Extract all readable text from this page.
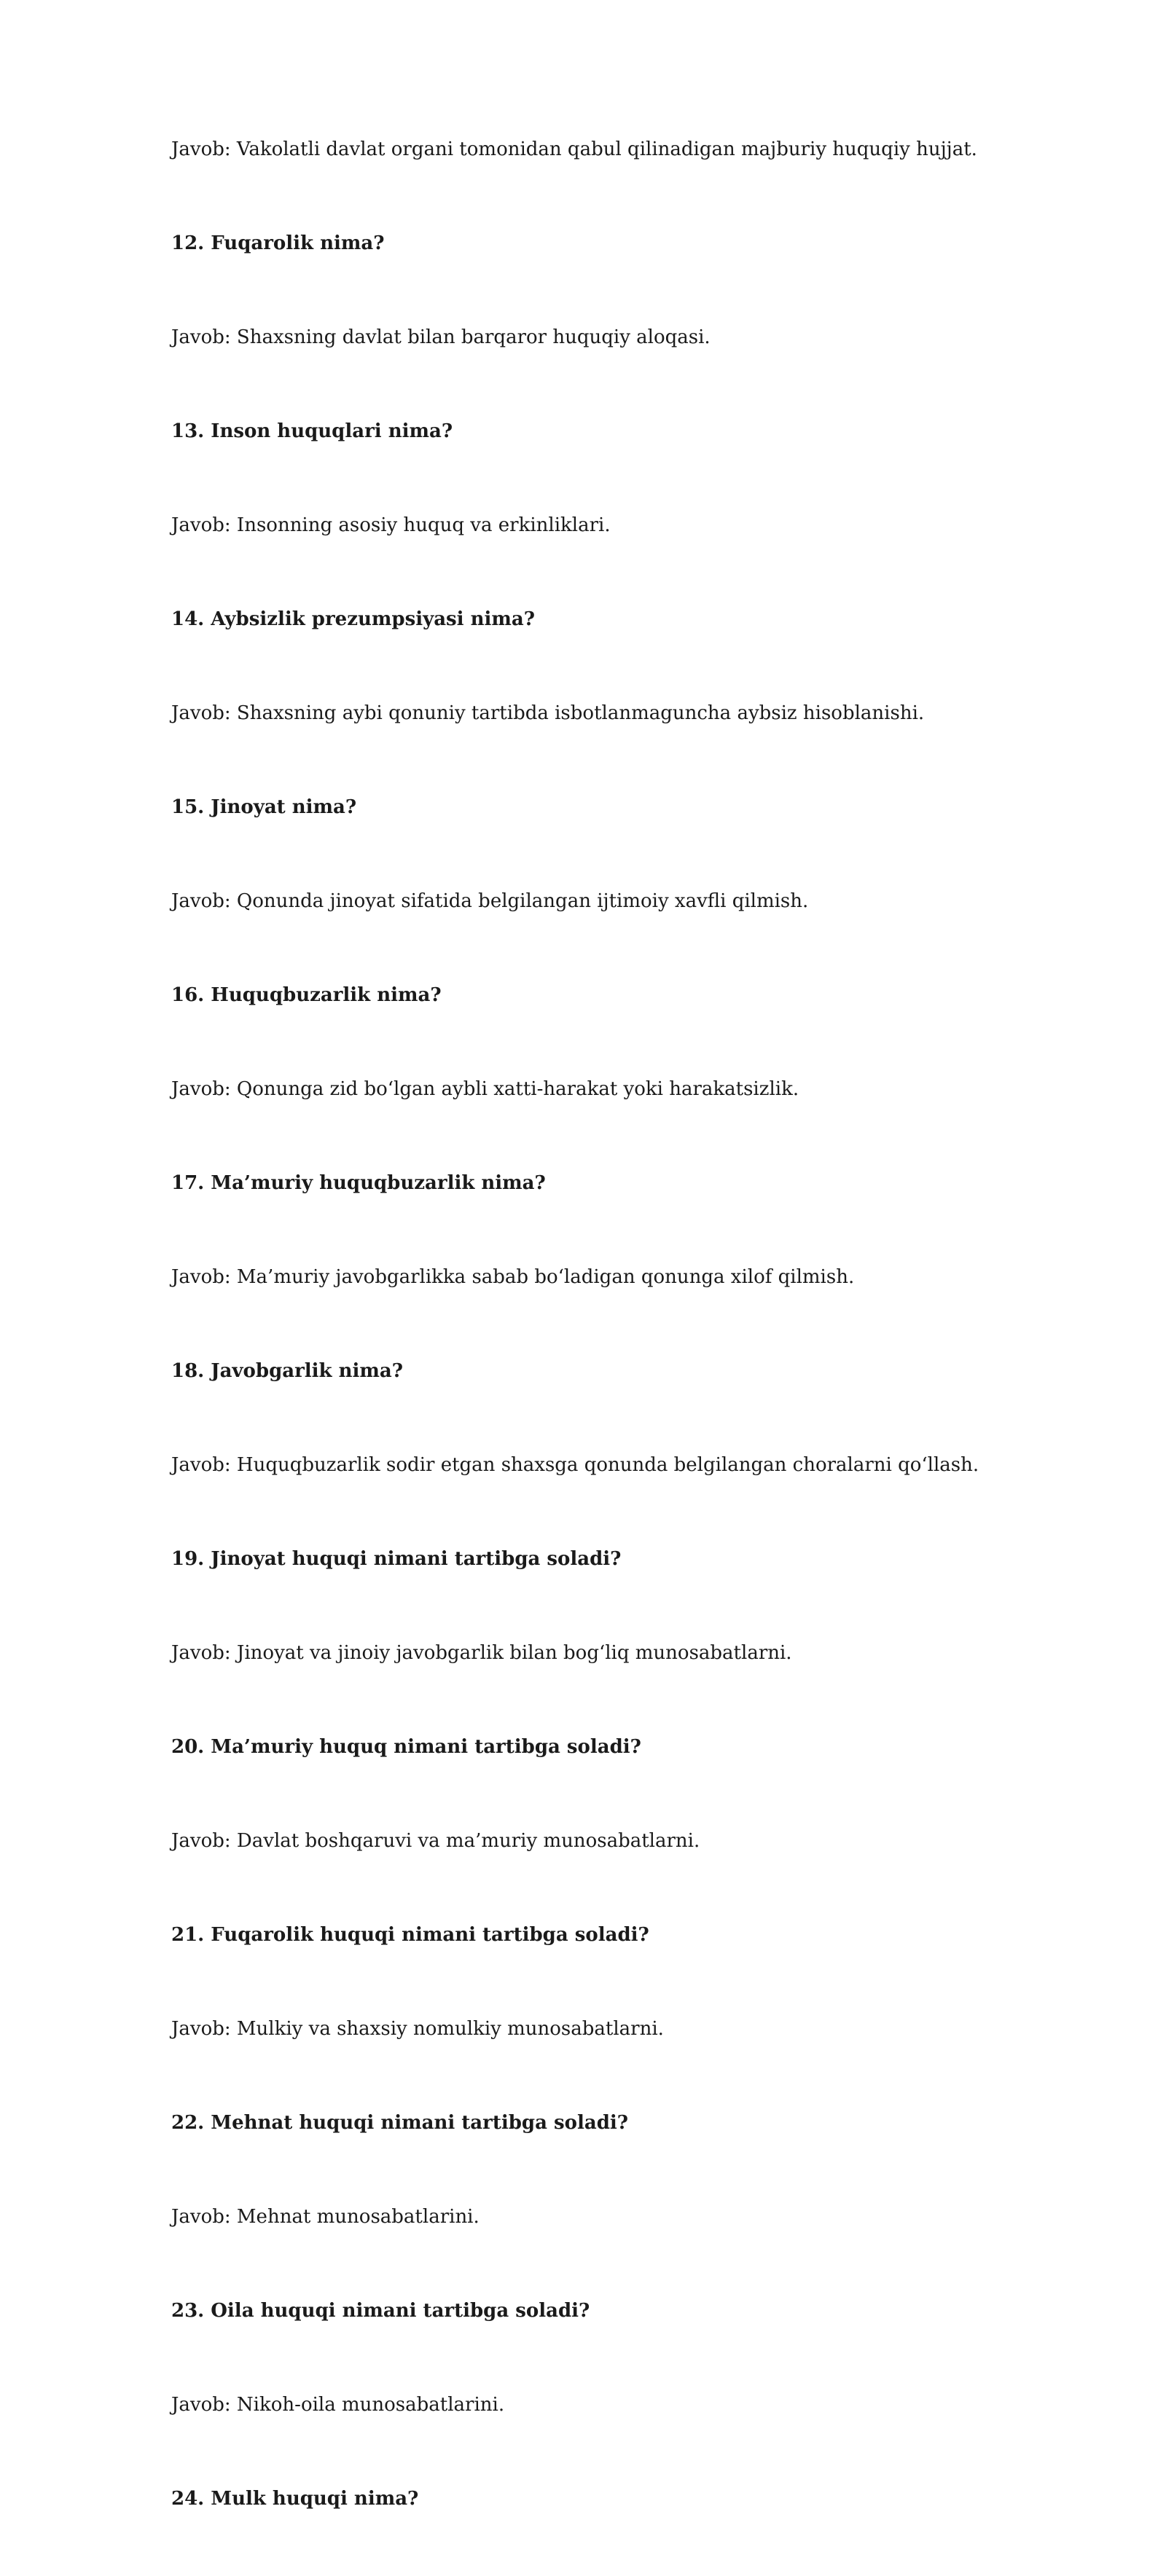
Javob: Vakolatli davlat organi tomonidan qabul qilinadigan majburiy huquqiy hujjat.
12. Fuqarolik nima?
Javob: Shaxsning davlat bilan barqaror huquqiy aloqasi.
13. Inson huquqlari nima?
Javob: Insonning asosiy huquq va erkinliklari.
14. Aybsizlik prezumpsiyasi nima?
Javob: Shaxsning aybi qonuniy tartibda isbotlanmaguncha aybsiz hisoblanishi.
15. Jinoyat nima?
Javob: Qonunda jinoyat sifatida belgilangan ijtimoiy xavfli qilmish.
16. Huquqbuzarlik nima?
Javob: Qonunga zid bo‘lgan aybli xatti-harakat yoki harakatsizlik.
17. Ma’muriy huquqbuzarlik nima?
Javob: Ma’muriy javobgarlikka sabab bo‘ladigan qonunga xilof qilmish.
18. Javobgarlik nima?
Javob: Huquqbuzarlik sodir etgan shaxsga qonunda belgilangan choralarni qo‘llash.
19. Jinoyat huquqi nimani tartibga soladi?
Javob: Jinoyat va jinoiy javobgarlik bilan bog‘liq munosabatlarni.
20. Ma’muriy huquq nimani tartibga soladi?
Javob: Davlat boshqaruvi va ma’muriy munosabatlarni.
21. Fuqarolik huquqi nimani tartibga soladi?
Javob: Mulkiy va shaxsiy nomulkiy munosabatlarni.
22. Mehnat huquqi nimani tartibga soladi?
Javob: Mehnat munosabatlarini.
23. Oila huquqi nimani tartibga soladi?
Javob: Nikoh-oila munosabatlarini.
24. Mulk huquqi nima?
